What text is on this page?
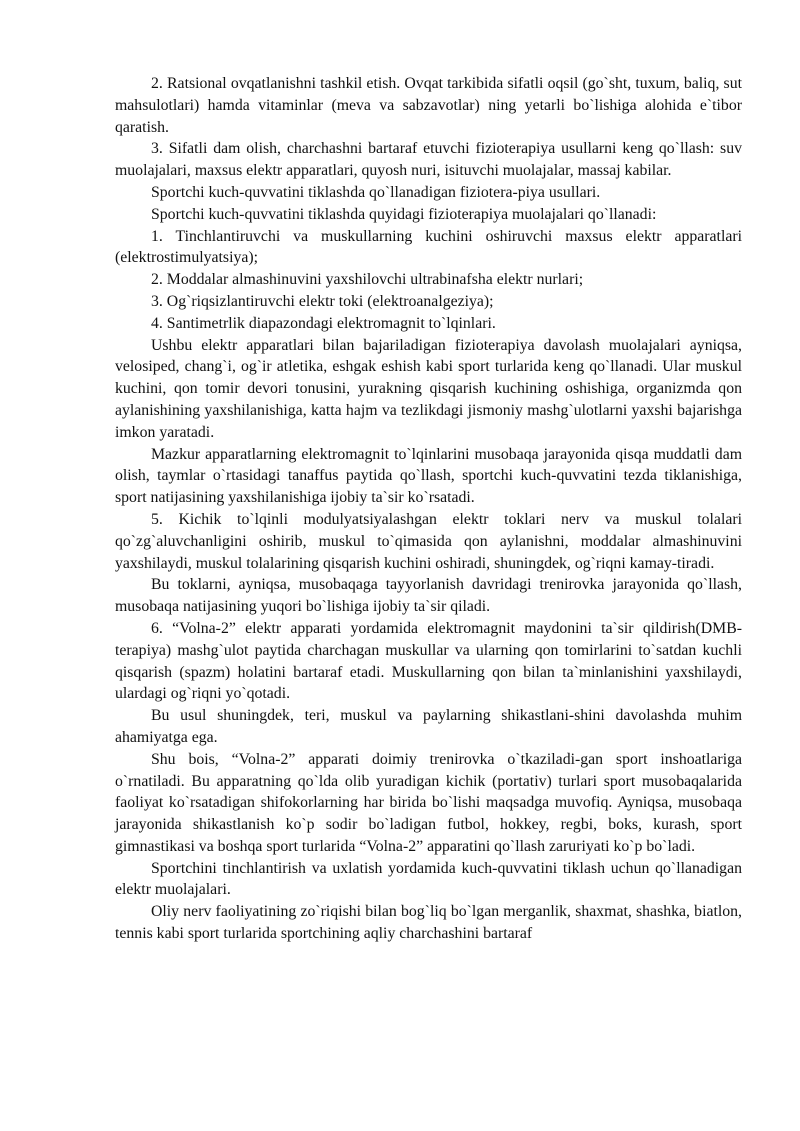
2. Ratsional ovqatlanishni tashkil etish. Ovqat tarkibida sifatli oqsil (go`sht, tuxum, baliq, sut mahsulotlari) hamda vitaminlar (meva va sabzavotlar) ning yetarli bo`lishiga alohida e`tibor qaratish.

3. Sifatli dam olish, charchashni bartaraf etuvchi fizioterapiya usullarni keng qo`llash: suv muolajalari, maxsus elektr apparatlari, quyosh nuri, isituvchi muolajalar, massaj kabilar.

Sportchi kuch-quvvatini tiklashda qo`llanadigan fiziotera-piya usullari.

Sportchi kuch-quvvatini tiklashda quyidagi fizioterapiya muolajalari qo`llanadi:

1. Tinchlantiruvchi va muskullarning kuchini oshiruvchi maxsus elektr apparatlari (elektrostimulyatsiya);

2. Moddalar almashinuvini yaxshilovchi ultrabinafsha elektr nurlari;

3. Og`riqsizlantiruvchi elektr toki (elektroanalgeziya);

4. Santimetrlik diapazondagi elektromagnit to`lqinlari.

Ushbu elektr apparatlari bilan bajariladigan fizioterapiya davolash muolajalari ayniqsa, velosiped, chang`i, og`ir atletika, eshgak eshish kabi sport turlarida keng qo`llanadi. Ular muskul kuchini, qon tomir devori tonusini, yurakning qisqarish kuchining oshishiga, organizmda qon aylanishining yaxshilanishiga, katta hajm va tezlikdagi jismoniy mashg`ulotlarni yaxshi bajarishga imkon yaratadi.

Mazkur apparatlarning elektromagnit to`lqinlarini musobaqa jarayonida qisqa muddatli dam olish, taymlar o`rtasidagi tanaffus paytida qo`llash, sportchi kuch-quvvatini tezda tiklanishiga, sport natijasining yaxshilanishiga ijobiy ta`sir ko`rsatadi.

5. Kichik to`lqinli modulyatsiyalashgan elektr toklari nerv va muskul tolalari qo`zg`aluvchanligini oshirib, muskul to`qimasida qon aylanishni, moddalar almashinuvini yaxshilaydi, muskul tolalarining qisqarish kuchini oshiradi, shuningdek, og`riqni kamay-tiradi.

Bu toklarni, ayniqsa, musobaqaga tayyorlanish davridagi trenirovka jarayonida qo`llash, musobaqa natijasining yuqori bo`lishiga ijobiy ta`sir qiladi.

6. “Volna-2” elektr apparati yordamida elektromagnit maydonini ta`sir qildirish(DMB-terapiya) mashg`ulot paytida charchagan muskullar va ularning qon tomirlarini to`satdan kuchli qisqarish (spazm) holatini bartaraf etadi. Muskullarning qon bilan ta`minlanishini yaxshilaydi, ulardagi og`riqni yo`qotadi.

Bu usul shuningdek, teri, muskul va paylarning shikastlani-shini davolashda muhim ahamiyatga ega.

Shu bois, “Volna-2” apparati doimiy trenirovka o`tkaziladi-gan sport inshoatlariga o`rnatiladi. Bu apparatning qo`lda olib yuradigan kichik (portativ) turlari sport musobaqalarida faoliyat ko`rsatadigan shifokorlarning har birida bo`lishi maqsadga muvofiq. Ayniqsa, musobaqa jarayonida shikastlanish ko`p sodir bo`ladigan futbol, hokkey, regbi, boks, kurash, sport gimnastikasi va boshqa sport turlarida “Volna-2” apparatini qo`llash zaruriyati ko`p bo`ladi.

Sportchini tinchlantirish va uxlatish yordamida kuch-quvvatini tiklash uchun qo`llanadigan elektr muolajalari.

Oliy nerv faoliyatining zo`riqishi bilan bog`liq bo`lgan merganlik, shaxmat, shashka, biatlon, tennis kabi sport turlarida sportchining aqliy charchashini bartaraf
